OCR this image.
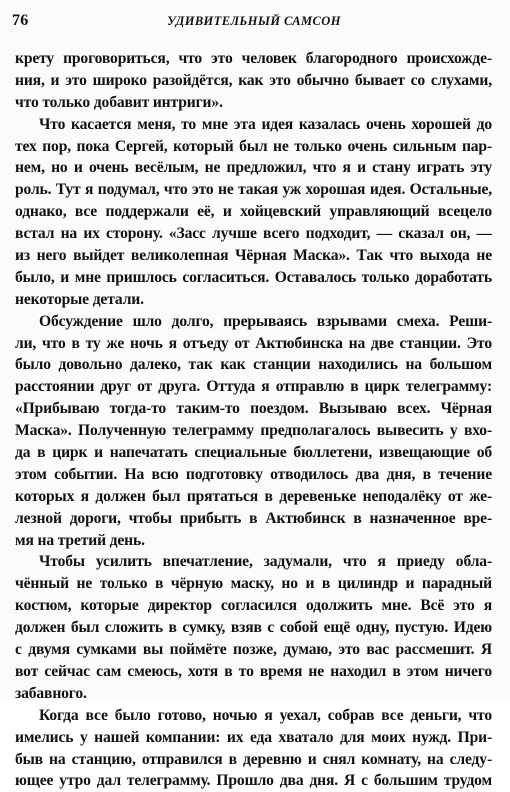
76	УДИВИТЕЛЬНЫЙ САМСОН
крету проговориться, что это человек благородного происхожде-
ния, и это широко разойдётся, как это обычно бывает со слухами,
что только добавит интриги».
Что касается меня, то мне эта идея казалась очень хорошей до
тех пор, пока Сергей, который был не только очень сильным пар-
нем, но и очень весёлым, не предложил, что я и стану играть эту
роль. Тут я подумал, что это не такая уж хорошая идея. Остальные,
однако, все поддержали её, и хойцевский управляющий всецело
встал на их сторону. «Засс лучше всего подходит, — сказал он, —
из него выйдет великолепная Чёрная Маска». Так что выхода не
было, и мне пришлось согласиться. Оставалось только доработать
некоторые детали.
Обсуждение шло долго, прерываясь взрывами смеха. Реши-
ли, что в ту же ночь я отъеду от Актюбинска на две станции. Это
было довольно далеко, так как станции находились на большом
расстоянии друг от друга. Оттуда я отправлю в цирк телеграмму:
«Прибываю тогда-то таким-то поездом. Вызываю всех. Чёрная
Маска». Полученную телеграмму предполагалось вывесить у вхо-
да в цирк и напечатать специальные бюллетени, извещающие об
этом событии. На всю подготовку отводилось два дня, в течение
которых я должен был прятаться в деревеньке неподалёку от же-
лезной дороги, чтобы прибыть в Актюбинск в назначенное вре-
мя на третий день.
Чтобы усилить впечатление, задумали, что я приеду обла-
чённый не только в чёрную маску, но и в цилиндр и парадный
костюм, которые директор согласился одолжить мне. Всё это я
должен был сложить в сумку, взяв с собой ещё одну, пустую. Идею
с двумя сумками вы поймёте позже, думаю, это вас рассмешит. Я
вот сейчас сам смеюсь, хотя в то время не находил в этом ничего
забавного.
Когда все было готово, ночью я уехал, собрав все деньги, что
имелись у нашей компании: их еда хватало для моих нужд. При-
быв на станцию, отправился в деревню и снял комнату, на следу-
ющее утро дал телеграмму. Прошло два дня. Я с большим трудом
